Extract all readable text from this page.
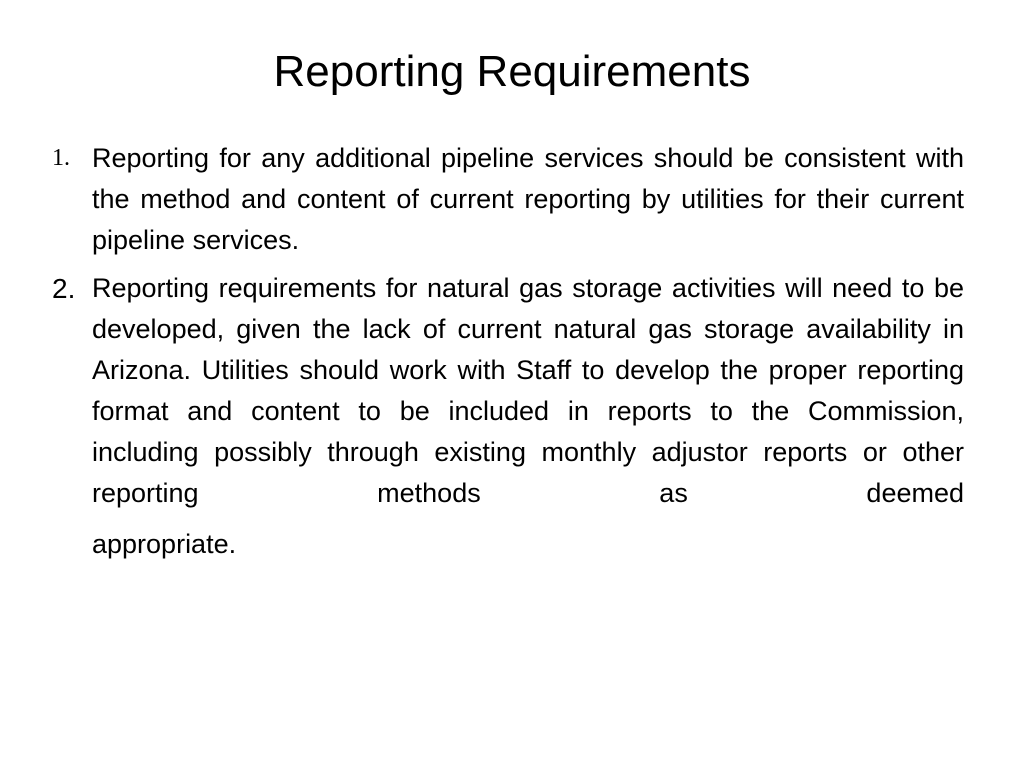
Reporting Requirements
1. Reporting for any additional pipeline services should be consistent with the method and content of current reporting by utilities for their current pipeline services.
2. Reporting requirements for natural gas storage activities will need to be developed, given the lack of current natural gas storage availability in Arizona. Utilities should work with Staff to develop the proper reporting format and content to be included in reports to the Commission, including possibly through existing monthly adjustor reports or other reporting methods as deemed
appropriate.
